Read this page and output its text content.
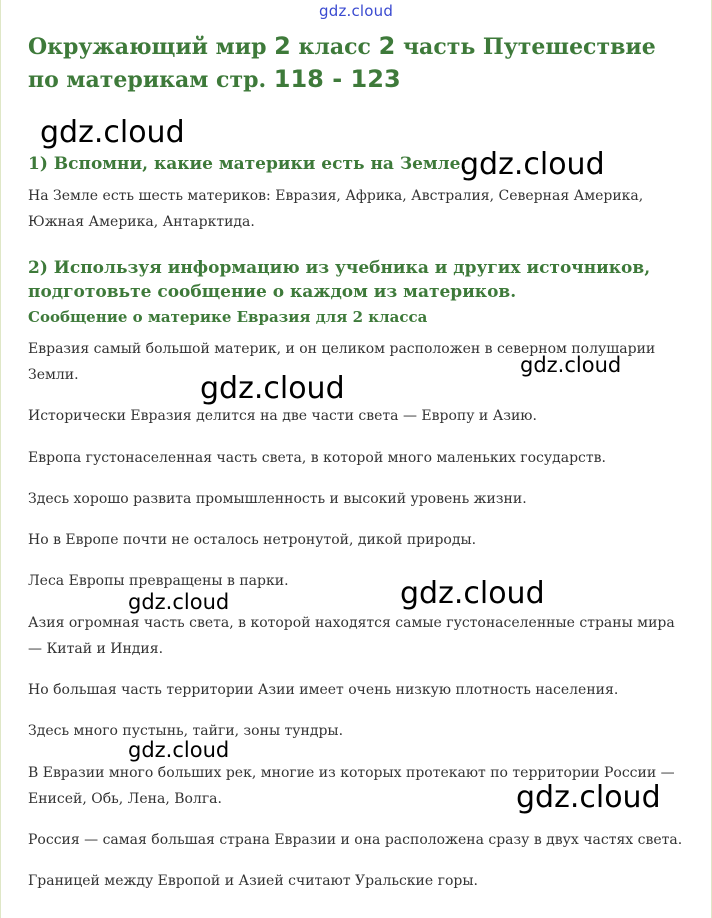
gdz.cloud
Окружающий мир 2 класс 2 часть Путешествие по материкам стр. 118 - 123
1) Вспомни, какие материки есть на Земле.

На Земле есть шесть материков: Евразия, Африка, Австралия, Северная Америка, Южная Америка, Антарктида.

2) Используя информацию из учебника и других источников, подготовьте сообщение о каждом из материков.
Сообщение о материке Евразия для 2 класса

Евразия самый большой материк, и он целиком расположен в северном полушарии Земли.

Исторически Евразия делится на две части света — Европу и Азию.

Европа густонаселенная часть света, в которой много маленьких государств.

Здесь хорошо развита промышленность и высокий уровень жизни.

Но в Европе почти не осталось нетронутой, дикой природы.

Леса Европы превращены в парки.

Азия огромная часть света, в которой находятся самые густонаселенные страны мира — Китай и Индия.

Но большая часть территории Азии имеет очень низкую плотность населения.

Здесь много пустынь, тайги, зоны тундры.

В Евразии много больших рек, многие из которых протекают по территории России — Енисей, Обь, Лена, Волга.

Россия — самая большая страна Евразии и она расположена сразу в двух частях света.

Границей между Европой и Азией считают Уральские горы.

gdz.cloud
gdz.cloud
gdz.cloud
gdz.cloud
gdz.cloud
gdz.cloud
gdz.cloud
gdz.cloud
